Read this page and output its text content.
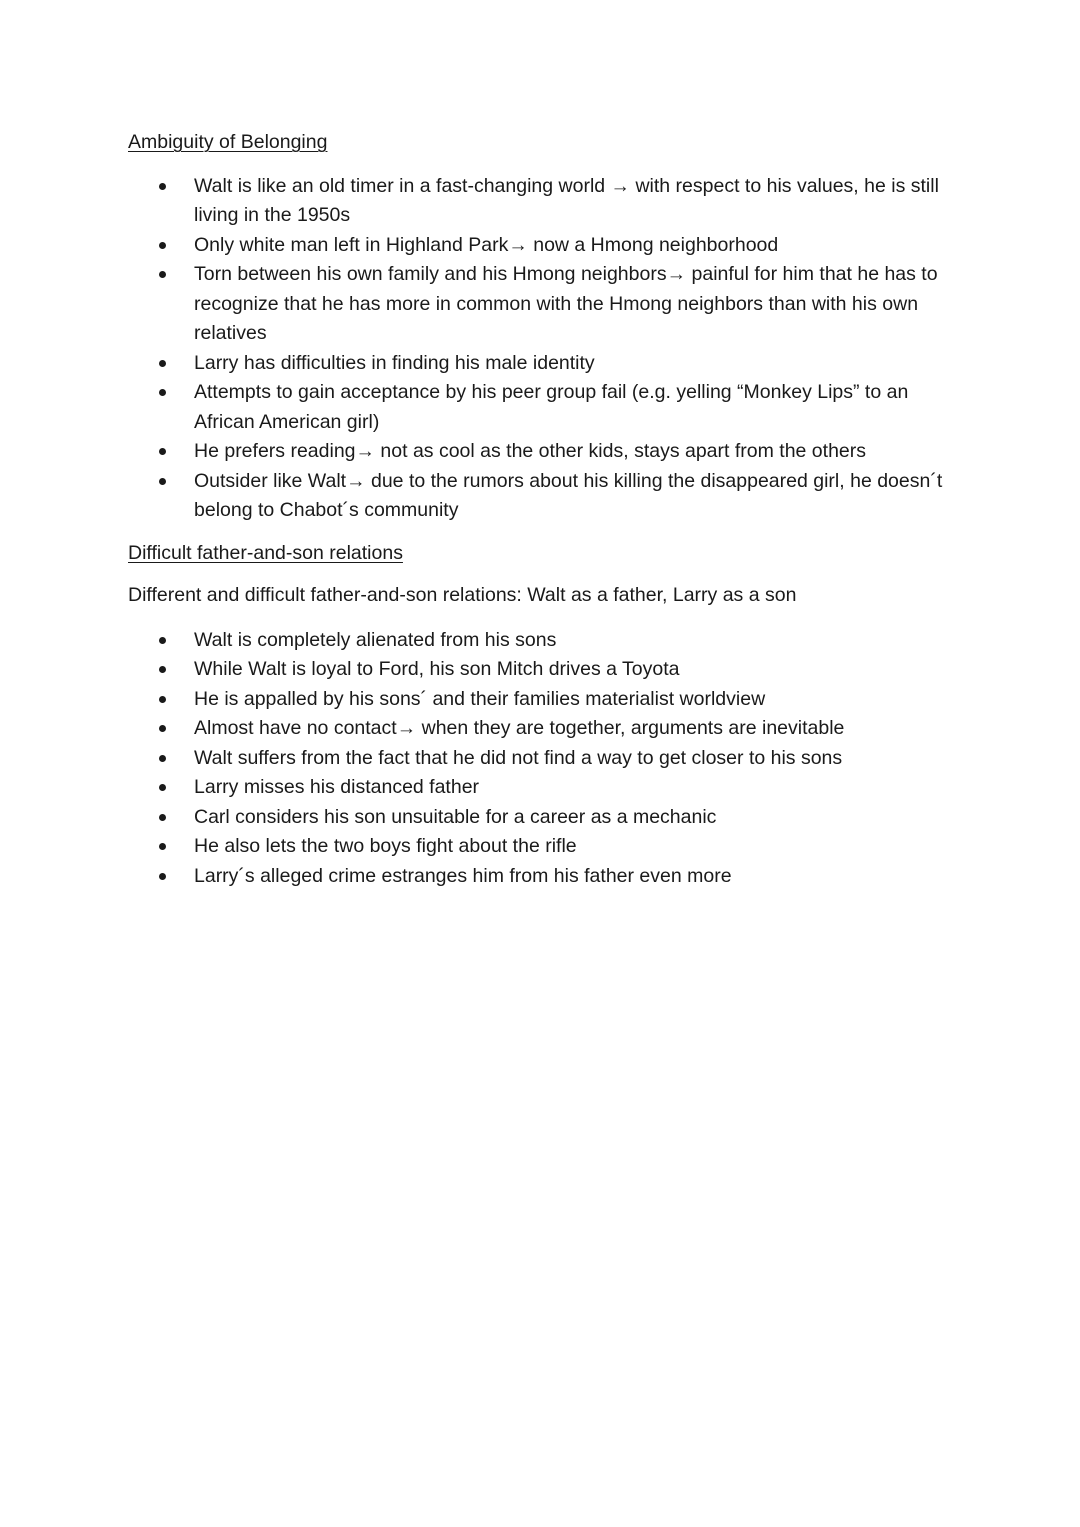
Ambiguity of Belonging
Walt is like an old timer in a fast-changing world → with respect to his values, he is still living in the 1950s
Only white man left in Highland Park→ now a Hmong neighborhood
Torn between his own family and his Hmong neighbors→ painful for him that he has to recognize that he has more in common with the Hmong neighbors than with his own relatives
Larry has difficulties in finding his male identity
Attempts to gain acceptance by his peer group fail (e.g. yelling “Monkey Lips” to an African American girl)
He prefers reading→ not as cool as the other kids, stays apart from the others
Outsider like Walt→ due to the rumors about his killing the disappeared girl, he doesn´t belong to Chabot´s community
Difficult father-and-son relations

Different and difficult father-and-son relations: Walt as a father, Larry as a son

Walt is completely alienated from his sons
While Walt is loyal to Ford, his son Mitch drives a Toyota
He is appalled by his sons´ and their families materialist worldview
Almost have no contact→ when they are together, arguments are inevitable
Walt suffers from the fact that he did not find a way to get closer to his sons
Larry misses his distanced father
Carl considers his son unsuitable for a career as a mechanic
He also lets the two boys fight about the rifle
Larry´s alleged crime estranges him from his father even more
